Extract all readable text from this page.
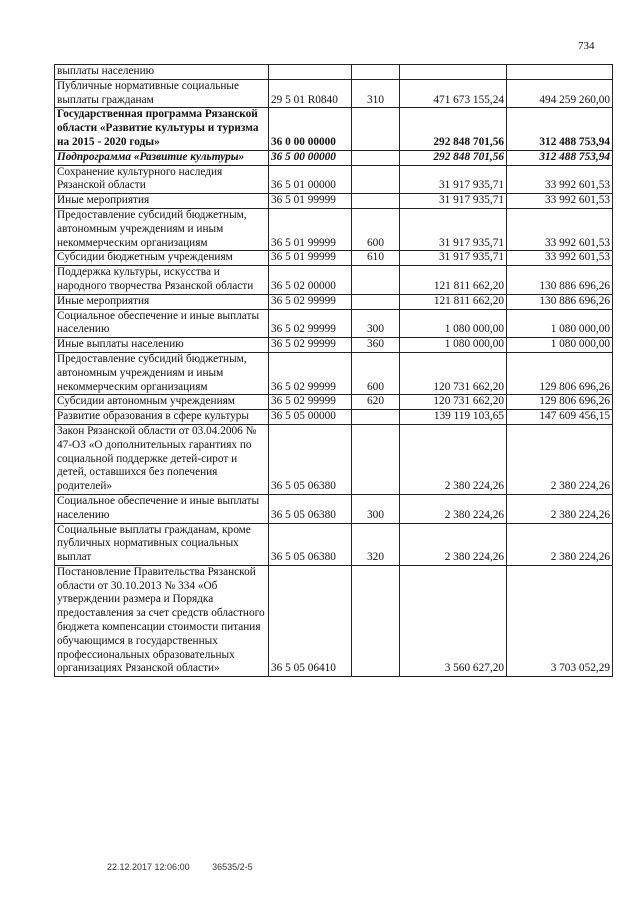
734
выплаты населению				
Публичные нормативные социальные выплаты гражданам	29 5 01 R0840	310	471 673 155,24	494 259 260,00
Государственная программа Рязанской области «Развитие культуры и туризма на 2015 - 2020 годы»	36 0 00 00000		292 848 701,56	312 488 753,94
Подпрограмма «Развитие культуры»	36 5 00 00000		292 848 701,56	312 488 753,94
Сохранение культурного наследия Рязанской области	36 5 01 00000		31 917 935,71	33 992 601,53
Иные мероприятия	36 5 01 99999		31 917 935,71	33 992 601,53
Предоставление субсидий бюджетным, автономным учреждениям и иным некоммерческим организациям	36 5 01 99999	600	31 917 935,71	33 992 601,53
Субсидии бюджетным учреждениям	36 5 01 99999	610	31 917 935,71	33 992 601,53
Поддержка культуры, искусства и народного творчества Рязанской области	36 5 02 00000		121 811 662,20	130 886 696,26
Иные мероприятия	36 5 02 99999		121 811 662,20	130 886 696,26
Социальное обеспечение и иные выплаты населению	36 5 02 99999	300	1 080 000,00	1 080 000,00
Иные выплаты населению	36 5 02 99999	360	1 080 000,00	1 080 000,00
Предоставление субсидий бюджетным, автономным учреждениям и иным некоммерческим организациям	36 5 02 99999	600	120 731 662,20	129 806 696,26
Субсидии автономным учреждениям	36 5 02 99999	620	120 731 662,20	129 806 696,26
Развитие образования в сфере культуры	36 5 05 00000		139 119 103,65	147 609 456,15
Закон Рязанской области от 03.04.2006 № 47-ОЗ «О дополнительных гарантиях по социальной поддержке детей-сирот и детей, оставшихся без попечения родителей»	36 5 05 06380		2 380 224,26	2 380 224,26
Социальное обеспечение и иные выплаты населению	36 5 05 06380	300	2 380 224,26	2 380 224,26
Социальные выплаты гражданам, кроме публичных нормативных социальных выплат	36 5 05 06380	320	2 380 224,26	2 380 224,26
Постановление Правительства Рязанской области от 30.10.2013 № 334 «Об утверждении размера и Порядка предоставления за счет средств областного бюджета компенсации стоимости питания обучающимся в государственных профессиональных образовательных организациях Рязанской области»	36 5 05 06410		3 560 627,20	3 703 052,29
22.12.2017 12:06:00	36535/2-5
